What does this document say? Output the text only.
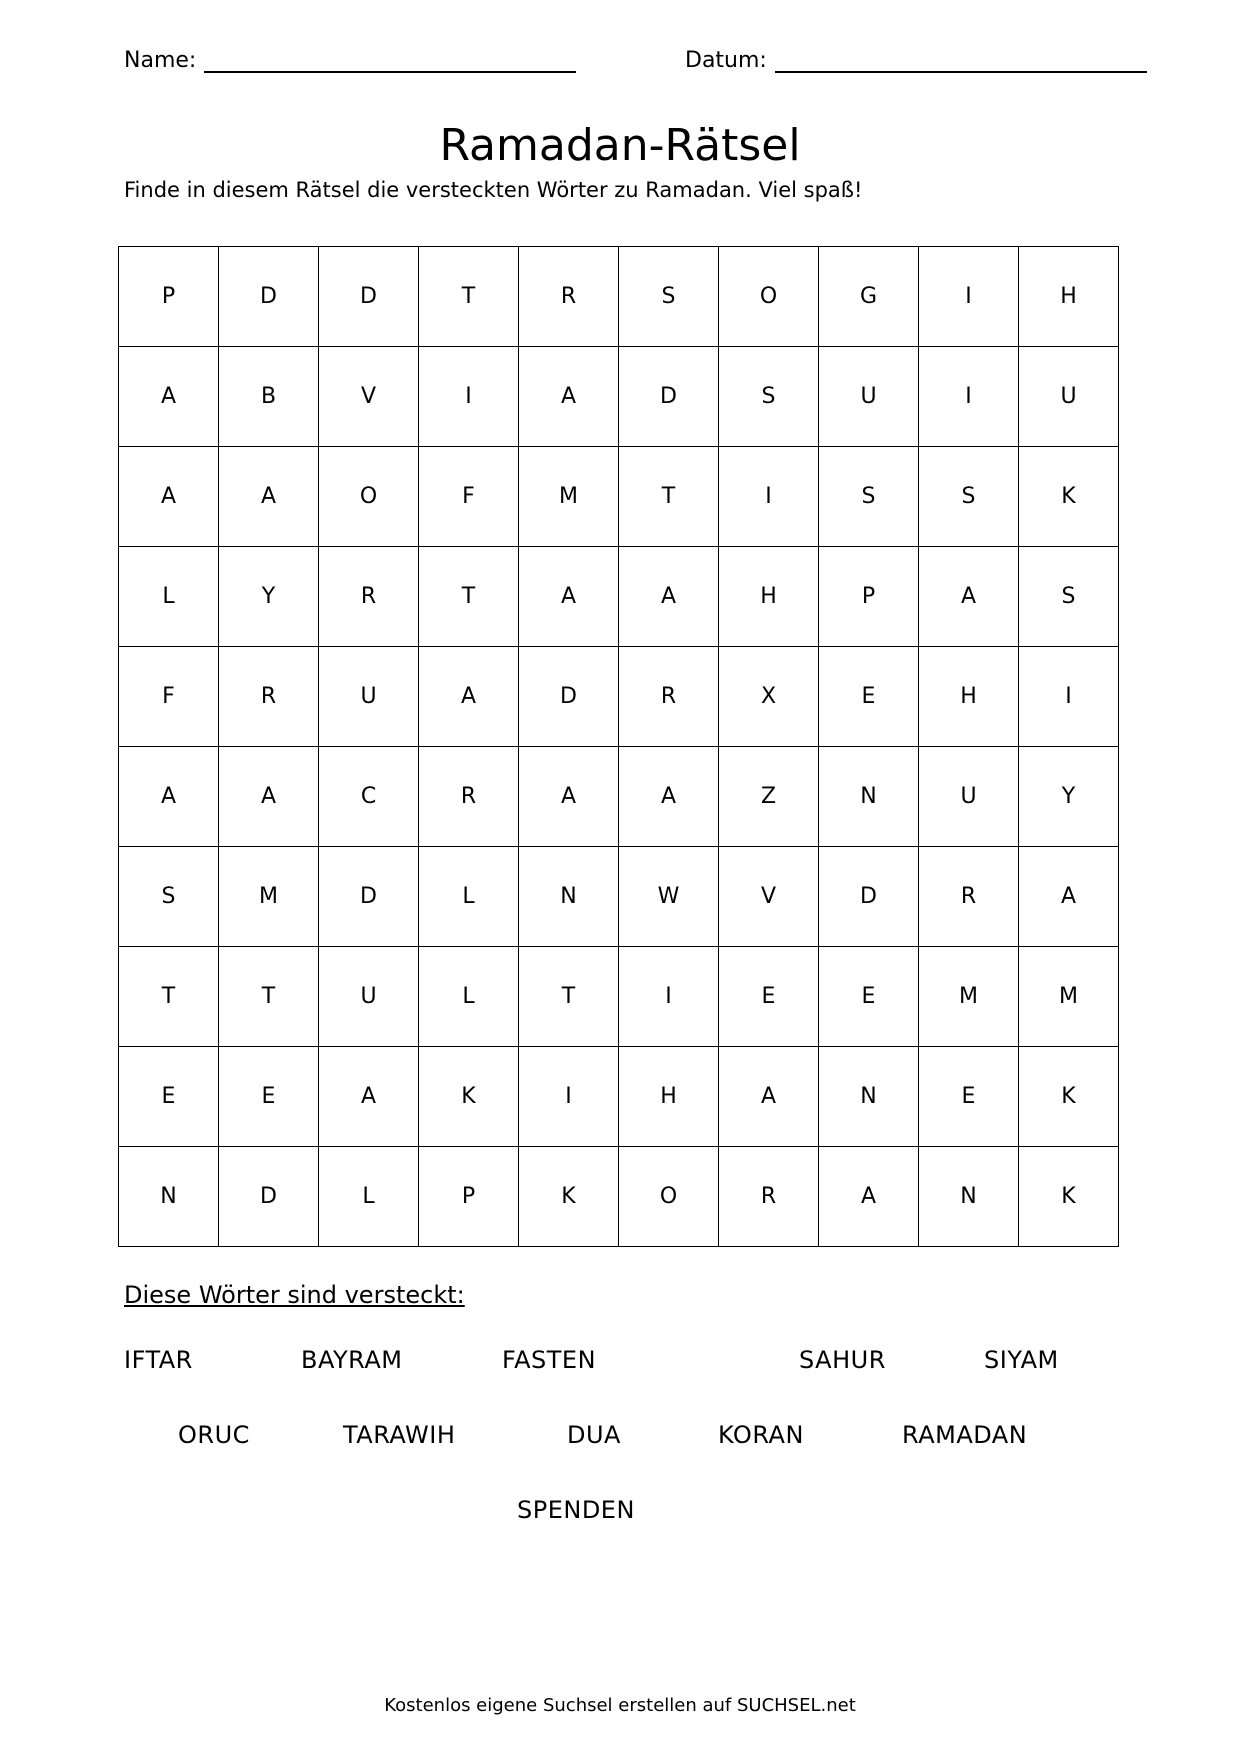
Name:	Datum:
Ramadan-Rätsel
Finde in diesem Rätsel die versteckten Wörter zu Ramadan. Viel spaß!
P	D	D	T	R	S	O	G	I	H
A	B	V	I	A	D	S	U	I	U
A	A	O	F	M	T	I	S	S	K
L	Y	R	T	A	A	H	P	A	S
F	R	U	A	D	R	X	E	H	I
A	A	C	R	A	A	Z	N	U	Y
S	M	D	L	N	W	V	D	R	A
T	T	U	L	T	I	E	E	M	M
E	E	A	K	I	H	A	N	E	K
N	D	L	P	K	O	R	A	N	K
Diese Wörter sind versteckt:
IFTAR	BAYRAM	FASTEN	SAHUR	SIYAM
ORUC	TARAWIH	DUA	KORAN	RAMADAN
SPENDEN
Kostenlos eigene Suchsel erstellen auf SUCHSEL.net
